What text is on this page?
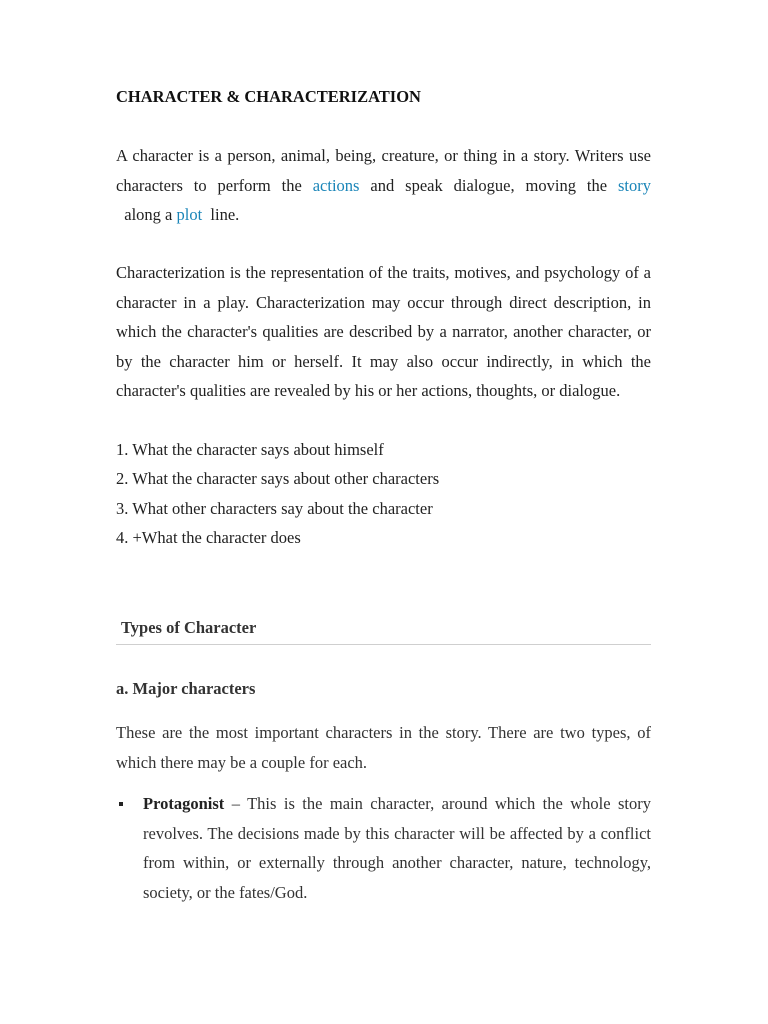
CHARACTER & CHARACTERIZATION

A character is a person, animal, being, creature, or thing in a story. Writers use characters to perform the actions and speak dialogue, moving the story  along a plot  line.

Characterization is the representation of the traits, motives, and psychology of a character in a play. Characterization may occur through direct description, in which the character's qualities are described by a narrator, another character, or by the character him or herself. It may also occur indirectly, in which the character's qualities are revealed by his or her actions, thoughts, or dialogue.

1. What the character says about himself
2. What the character says about other characters
3. What other characters say about the character
4. +What the character does
Types of Character
a. Major characters

These are the most important characters in the story. There are two types, of which there may be a couple for each.

Protagonist – This is the main character, around which the whole story revolves. The decisions made by this character will be affected by a conflict from within, or externally through another character, nature, technology, society, or the fates/God.
